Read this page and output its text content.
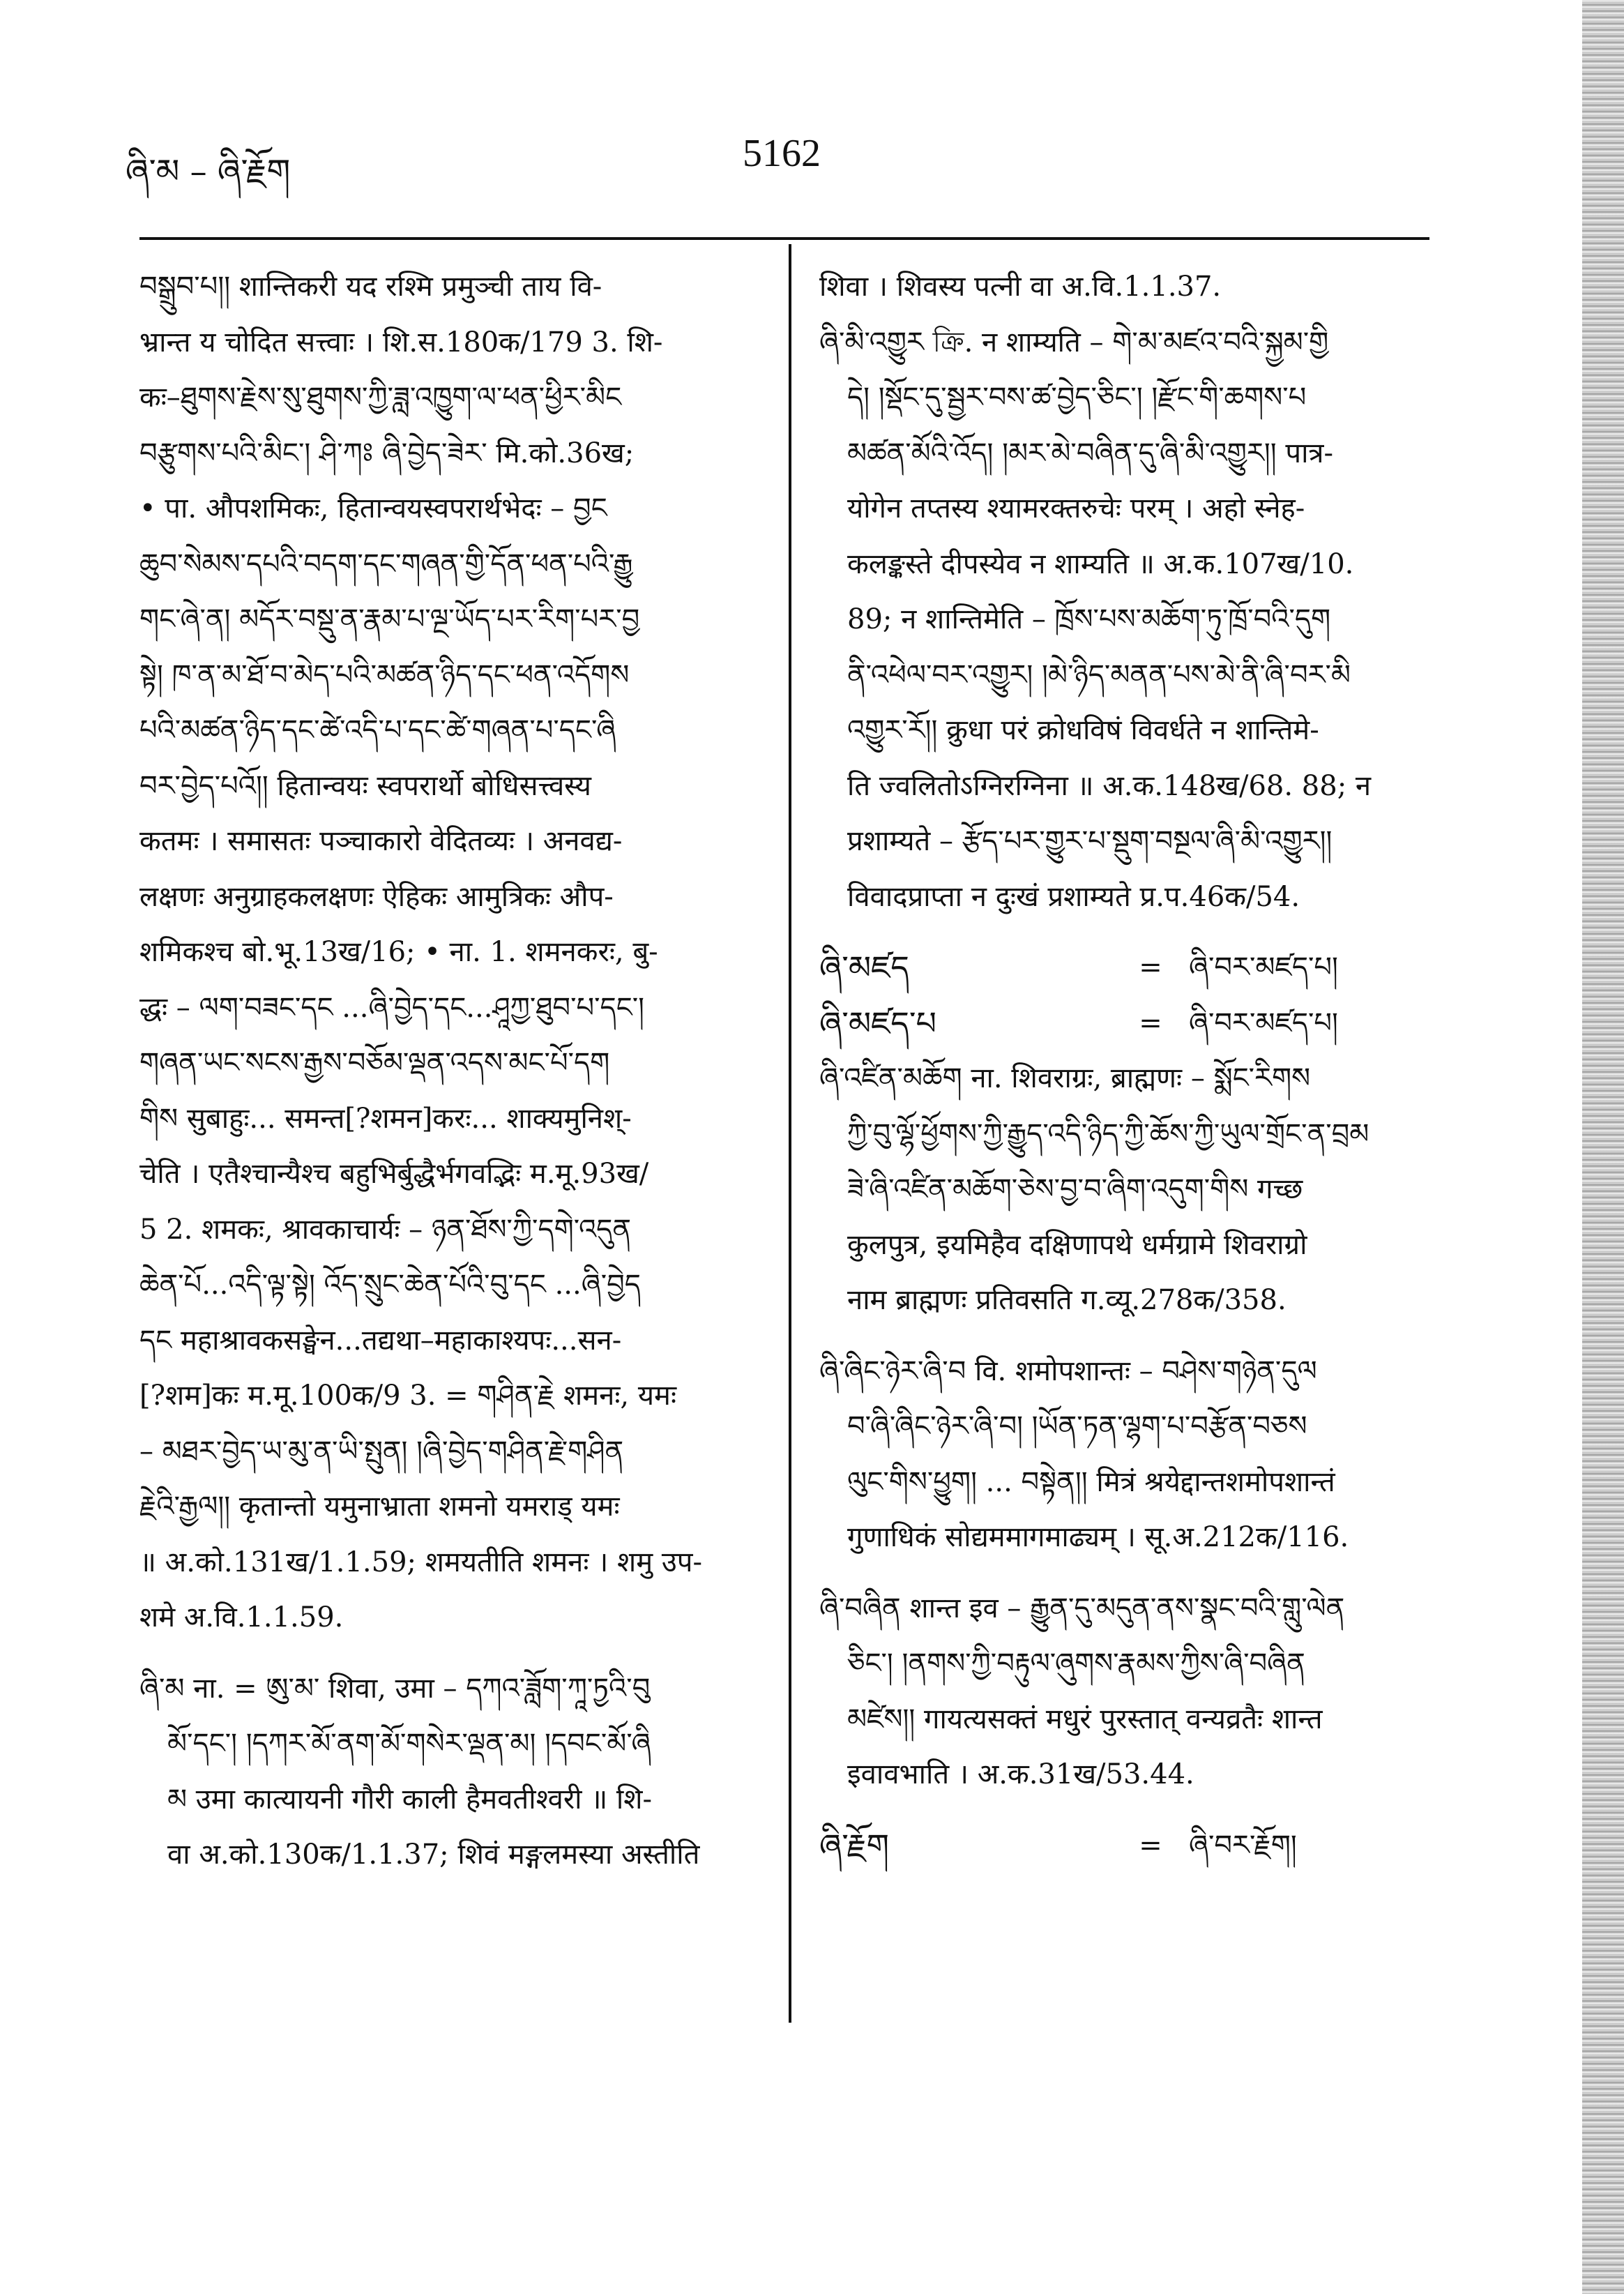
ཞི་མ – ཞི་རྗོག	5162
བསྒྲུབ་པ།། शान्तिकरी यद रश्मि प्रमुञ्ची ताय वि-
भ्रान्त य चोदित सत्त्वाः । शि.स.180क/179 3. शि-
कः–ཐུགས་རྗེས་སུ་ཐུགས་ཀྱི་ཟླ་འཁྱུག་ལ་ཕན་ཕྱིར་མིང
བརྩུགས་པའི་མིང་། ཤི་ཀཿ ཞི་བྱེད་ཟེར་ मि.को.36ख;
• पा. औपशमिकः, हितान्वयस्वपरार्थभेदः – བྱང
ཆུབ་སེམས་དཔའི་བདག་དང་གཞན་གྱི་དོན་ཕན་པའི་རྒྱུ
གང་ཞེ་ན། མདོར་བསྡུ་ན་རྣམ་པ་ལྔ་ཡོད་པར་རིག་པར་བྱ
སྟེ། ཁ་ན་མ་ཐོ་བ་མེད་པའི་མཚན་ཉིད་དང་ཕན་འདོགས
པའི་མཚན་ཉིད་དང་ཚེ་འདི་པ་དང་ཚེ་གཞན་པ་དང་ཞི
བར་བྱེད་པའོ།། हितान्वयः स्वपरार्थो बोधिसत्त्वस्य
कतमः । समासतः पञ्चाकारो वेदितव्यः । अनवद्य-
लक्षणः अनुग्राहकलक्षणः ऐहिकः आमुत्रिकः औप-
शमिकश्च बो.भू.13ख/16; • ना. 1. शमनकरः, बु-
द्धः – ལག་བཟང་དང ...ཞི་བྱེད་དང...ཤཱཀྱ་ཐུབ་པ་དང་།
གཞན་ཡང་སངས་རྒྱས་བཅོམ་ལྡན་འདས་མང་པོ་དག
གིས सुबाहुः... समन्त[?शमन]करः... शाक्यमुनिश्-
चेति । एतैश्चान्यैश्च बहुभिर्बुद्धैर्भगवद्भिः म.मू.93ख/
5 2. शमकः, श्रावकाचार्यः – ཉན་ཐོས་ཀྱི་དགེ་འདུན
ཆེན་པོ...འདི་ལྟ་སྟེ། འོད་སྲུང་ཆེན་པོའི་བུ་དང ...ཞི་བྱེད
དང महाश्रावकसङ्घेन...तद्यथा–महाकाश्यपः...सन-
[?शम]कः म.मू.100क/9 3. = གཤིན་རྗེ शमनः, यमः
– མཐར་བྱེད་ཡ་མུ་ན་ཡི་སྤུན། །ཞི་བྱེད་གཤིན་རྗེ་གཤིན
རྗེའི་རྒྱལ།། कृतान्तो यमुनाभ्राता शमनो यमराड् यमः
॥ अ.को.131ख/1.1.59; शमयतीति शमनः । शमु उप-
शमे अ.वि.1.1.59.
ཞི་མ ना. = ཨུ་མ་ शिवा, उमा – དཀའ་ཟློག་ཀཱ་ཏྱའི་བུ
མོ་དང་། །དཀར་མོ་ནག་མོ་གསེར་ལྡན་མ། །དབང་མོ་ཞི
མ उमा कात्यायनी गौरी काली हैमवतीश्वरी ॥ शि-
वा अ.को.130क/1.1.37; शिवं मङ्गलमस्या अस्तीति
शिवा । शिवस्य पत्नी वा अ.वि.1.1.37.
ཞི་མི་འགྱུར ক্রি. न शाम्यति – གེ་མ་མཛའ་བའི་སྐྱམ་གྱི
དེ། །སྡོང་དུ་སྦྱར་བས་ཚ་བྱེད་ཅིང་། །རྫོང་གི་ཆགས་པ
མཚན་མོའི་འོད། །མར་མེ་བཞིན་དུ་ཞི་མི་འགྱུར།། पात्र-
योगेन तप्तस्य श्यामरक्तरुचेः परम् । अहो स्नेह-
कलङ्कस्ते दीपस्येव न शाम्यति ॥ अ.क.107ख/10.
89; न शान्तिमेति – ཁྲོས་པས་མཆོག་ཏུ་ཁྲོ་བའི་དུག
ནི་འཕེལ་བར་འགྱུར། །མེ་ཉིད་མནན་པས་མེ་ནི་ཞི་བར་མི
འགྱུར་རོ།། क्रुधा परं क्रोधविषं विवर्धते न शान्तिमे-
ति ज्वलितोऽग्निरग्निना ॥ अ.क.148ख/68. 88; न
प्रशाम्यते – རྩོད་པར་གྱུར་པ་སྡུག་བསྔལ་ཞི་མི་འགྱུར།།
विवादप्राप्ता न दुःखं प्रशाम्यते प्र.प.46क/54.
ཞི་མཛད	= ཞི་བར་མཛད་པ།
ཞི་མཛད་པ	= ཞི་བར་མཛད་པ།
ཞི་འཛིན་མཆོག ना. शिवराग्रः, ब्राह्मणः – སྨོང་རིགས
ཀྱི་བུ་ལྷོ་ཕྱོགས་ཀྱི་རྒྱུད་འདི་ཉིད་ཀྱི་ཆོས་ཀྱི་ཡུལ་གྲོང་ན་བྲམ
ཟེ་ཞི་འཛིན་མཆོག་ཅེས་བྱ་བ་ཞིག་འདུག་གིས गच्छ
कुलपुत्र, इयमिहैव दक्षिणापथे धर्मग्रामे शिवराग्रो
नाम ब्राह्मणः प्रतिवसति ग.व्यू.278क/358.
ཞི་ཞིང་ཉེར་ཞི་བ वि. शमोपशान्तः – བཤེས་གཉེན་དུལ
བ་ཞི་ཞིང་ཉེར་ཞི་བ། །ཡོན་ཏན་ལྷག་པ་བརྩོན་བཅས
ལུང་གིས་ཕྱུག། ... བསྟེན།། मित्रं श्रयेद्दान्तशमोपशान्तं
गुणाधिकं सोद्यममागमाढ्यम् । सू.अ.212क/116.
ཞི་བཞིན शान्त इव – རྒྱུན་དུ་མདུན་ནས་སྣང་བའི་གླུ་ལེན
ཅིང་། །ནགས་ཀྱི་བརྟུལ་ཞུགས་རྣམས་ཀྱིས་ཞི་བཞིན
མཛེས།། गायत्यसक्तं मधुरं पुरस्तात् वन्यव्रतैः शान्त
इवावभाति । अ.क.31ख/53.44.
ཞི་རྗོག	= ཞི་བར་རྗོག།
